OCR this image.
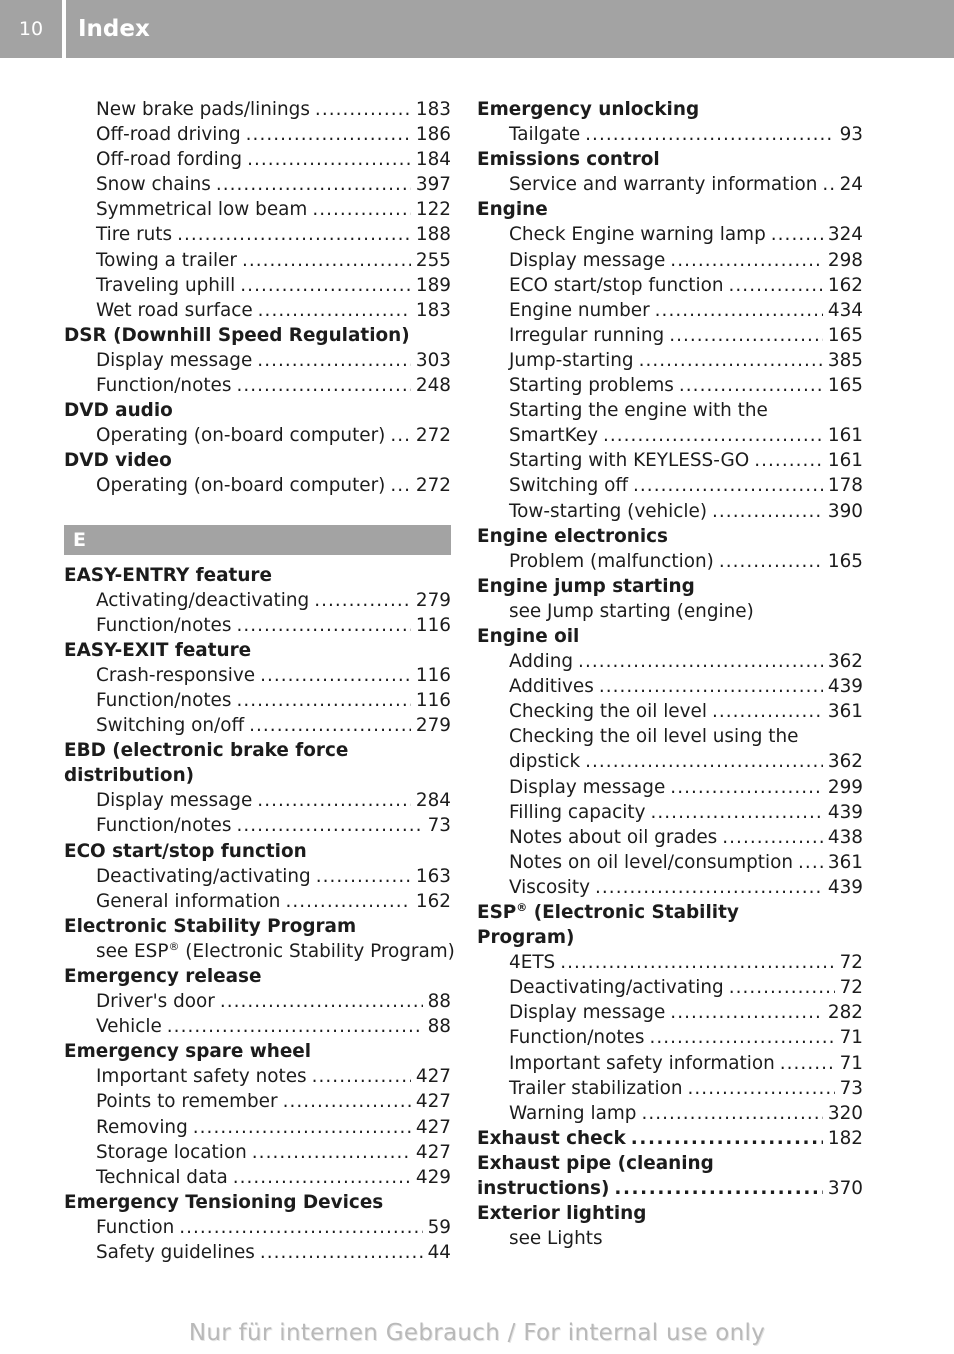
10	Index
New brake pads/linings . . .	183
Off-road driving . . .	186
Off-road fording . . .	184
Snow chains . . .	397
Symmetrical low beam . . .	122
Tire ruts . . .	188
Towing a trailer . . .	255
Traveling uphill . . .	189
Wet road surface . . .	183
DSR (Downhill Speed Regulation)
Display message . . .	303
Function/notes . . .	248
DVD audio
Operating (on-board computer) . . . 272
DVD video
Operating (on-board computer) . . . 272
E
EASY-ENTRY feature
Activating/deactivating . . .	279
Function/notes . . .	116
EASY-EXIT feature
Crash-responsive . . .	116
Function/notes . . .	116
Switching on/off . . .	279
EBD (electronic brake force
distribution)
Display message . . .	284
Function/notes . . .	73
ECO start/stop function
Deactivating/activating . . .	163
General information . . .	162
Electronic Stability Program
see ESP® (Electronic Stability Program)
Emergency release
Driver's door . . .	88
Vehicle . . .	88
Emergency spare wheel
Important safety notes . . .	427
Points to remember . . .	427
Removing . . .	427
Storage location . . .	427
Technical data . . .	429
Emergency Tensioning Devices
Function . . .	59
Safety guidelines . . .	44
Emergency unlocking
Tailgate . . .	93
Emissions control
Service and warranty information . . . 24
Engine
Check Engine warning lamp . . .	324
Display message . . .	298
ECO start/stop function . . .	162
Engine number . . .	434
Irregular running . . .	165
Jump-starting . . .	385
Starting problems . . .	165
Starting the engine with the
SmartKey . . .	161
Starting with KEYLESS-GO . . .	161
Switching off . . .	178
Tow-starting (vehicle) . . .	390
Engine electronics
Problem (malfunction) . . .	165
Engine jump starting
see Jump starting (engine)
Engine oil
Adding . . .	362
Additives . . .	439
Checking the oil level . . .	361
Checking the oil level using the
dipstick . . .	362
Display message . . .	299
Filling capacity . . .	439
Notes about oil grades . . .	438
Notes on oil level/consumption . . . 361
Viscosity . . .	439
ESP® (Electronic Stability
Program)
4ETS . . .	72
Deactivating/activating . . .	72
Display message . . .	282
Function/notes . . .	71
Important safety information . . .	71
Trailer stabilization . . .	73
Warning lamp . . .	320
Exhaust check . . .	182
Exhaust pipe (cleaning
instructions) . . .	370
Exterior lighting
see Lights
Nur für internen Gebrauch / For internal use only
